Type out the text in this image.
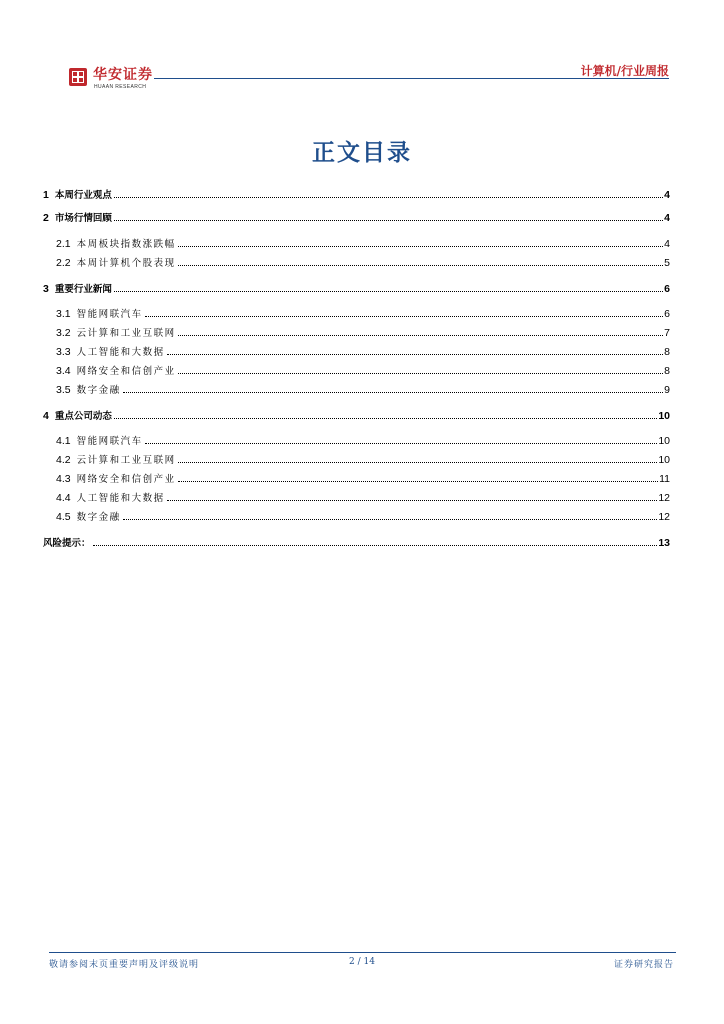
华安证券
HUAAN RESEARCH
计算机/行业周报
正文目录
1 本周行业观点	4
2 市场行情回顾	4
2.1 本周板块指数涨跌幅	4
2.2 本周计算机个股表现	5
3 重要行业新闻	6
3.1 智能网联汽车	6
3.2 云计算和工业互联网	7
3.3 人工智能和大数据	8
3.4 网络安全和信创产业	8
3.5 数字金融	9
4 重点公司动态	10
4.1 智能网联汽车	10
4.2 云计算和工业互联网	10
4.3 网络安全和信创产业	11
4.4 人工智能和大数据	12
4.5 数字金融	12
风险提示：	13
敬请参阅末页重要声明及评级说明	2 / 14	证券研究报告
